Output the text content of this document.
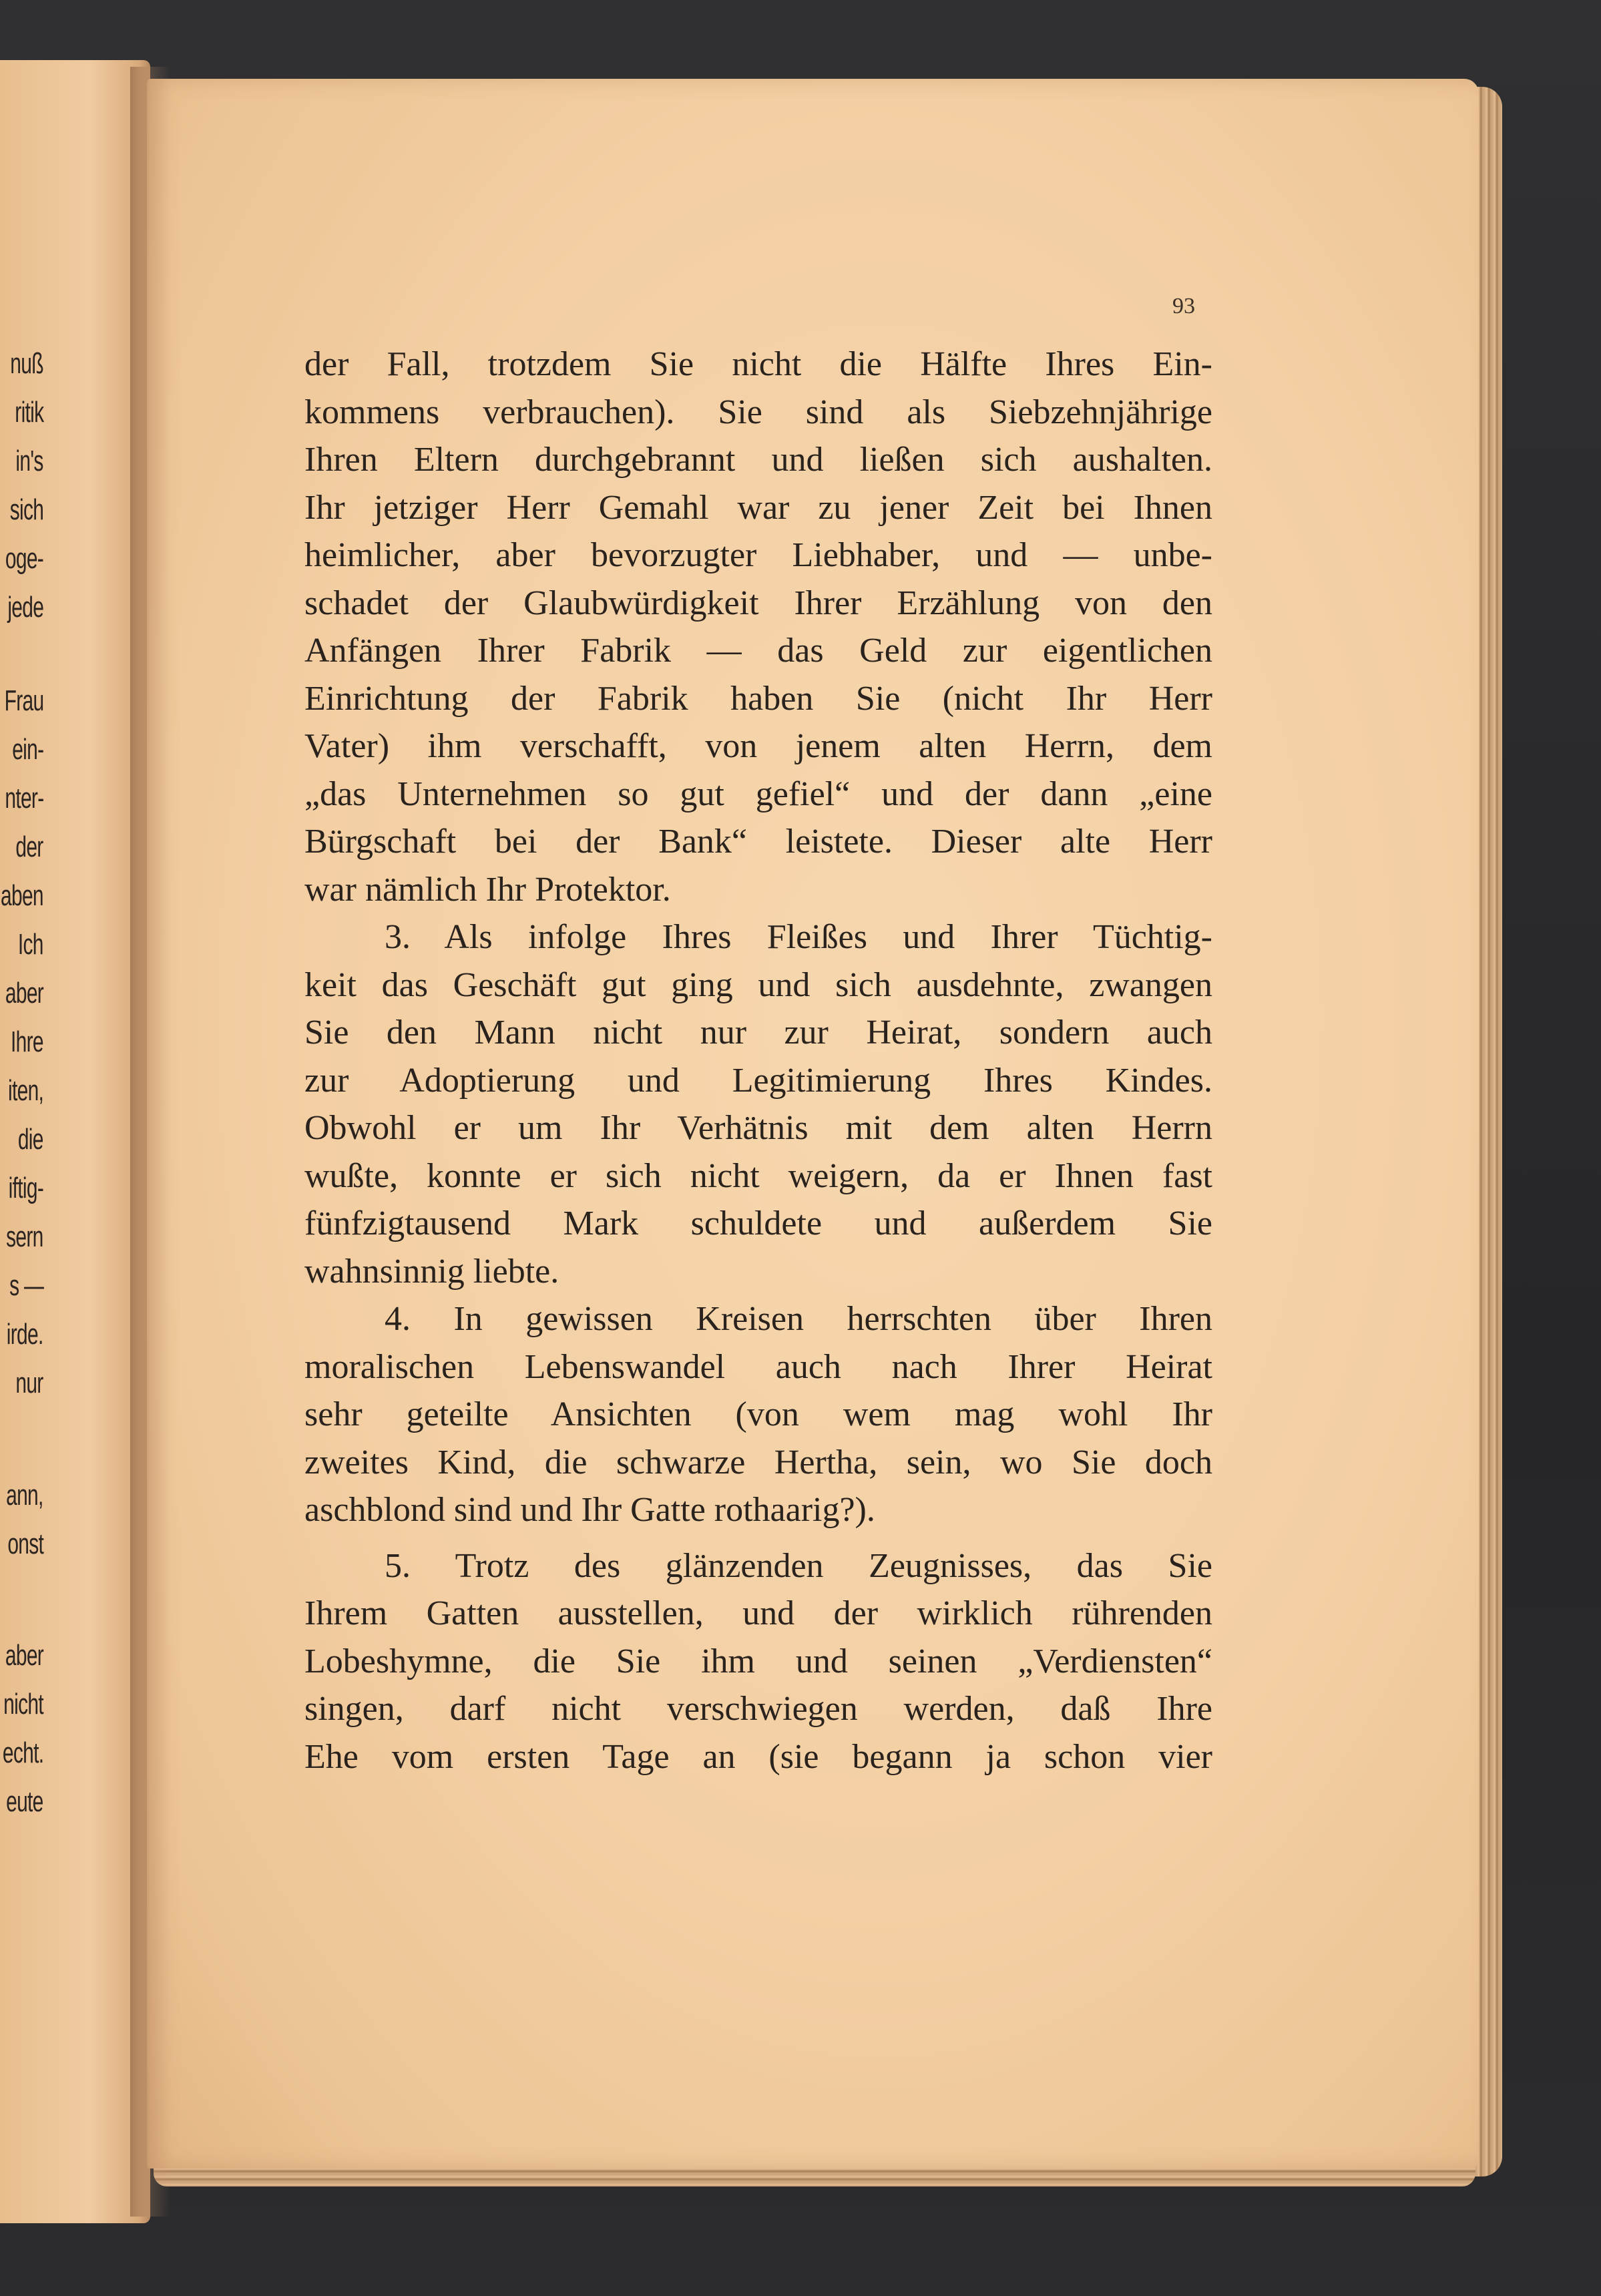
nuß
ritik
in's
sich
oge-
jede
Frau
ein-
nter-
der
aben
Ich
aber
Ihre
iten,
die
iftig-
sern
s —
irde.
nur
ann,
onst
aber
nicht
echt.
eute
93
der Fall, trotzdem Sie nicht die Hälfte Ihres Ein-
kommens verbrauchen). Sie sind als Siebzehnjährige
Ihren Eltern durchgebrannt und ließen sich aushalten.
Ihr jetziger Herr Gemahl war zu jener Zeit bei Ihnen
heimlicher, aber bevorzugter Liebhaber, und — unbe-
schadet der Glaubwürdigkeit Ihrer Erzählung von den
Anfängen Ihrer Fabrik — das Geld zur eigentlichen
Einrichtung der Fabrik haben Sie (nicht Ihr Herr
Vater) ihm verschafft, von jenem alten Herrn, dem
„das Unternehmen so gut gefiel“ und der dann „eine
Bürgschaft bei der Bank“ leistete. Dieser alte Herr
war nämlich Ihr Protektor.
3. Als infolge Ihres Fleißes und Ihrer Tüchtig-
keit das Geschäft gut ging und sich ausdehnte, zwangen
Sie den Mann nicht nur zur Heirat, sondern auch
zur Adoptierung und Legitimierung Ihres Kindes.
Obwohl er um Ihr Verhätnis mit dem alten Herrn
wußte, konnte er sich nicht weigern, da er Ihnen fast
fünfzigtausend Mark schuldete und außerdem Sie
wahnsinnig liebte.
4. In gewissen Kreisen herrschten über Ihren
moralischen Lebenswandel auch nach Ihrer Heirat
sehr geteilte Ansichten (von wem mag wohl Ihr
zweites Kind, die schwarze Hertha, sein, wo Sie doch
aschblond sind und Ihr Gatte rothaarig?).
5. Trotz des glänzenden Zeugnisses, das Sie
Ihrem Gatten ausstellen, und der wirklich rührenden
Lobeshymne, die Sie ihm und seinen „Verdiensten“
singen, darf nicht verschwiegen werden, daß Ihre
Ehe vom ersten Tage an (sie begann ja schon vier
